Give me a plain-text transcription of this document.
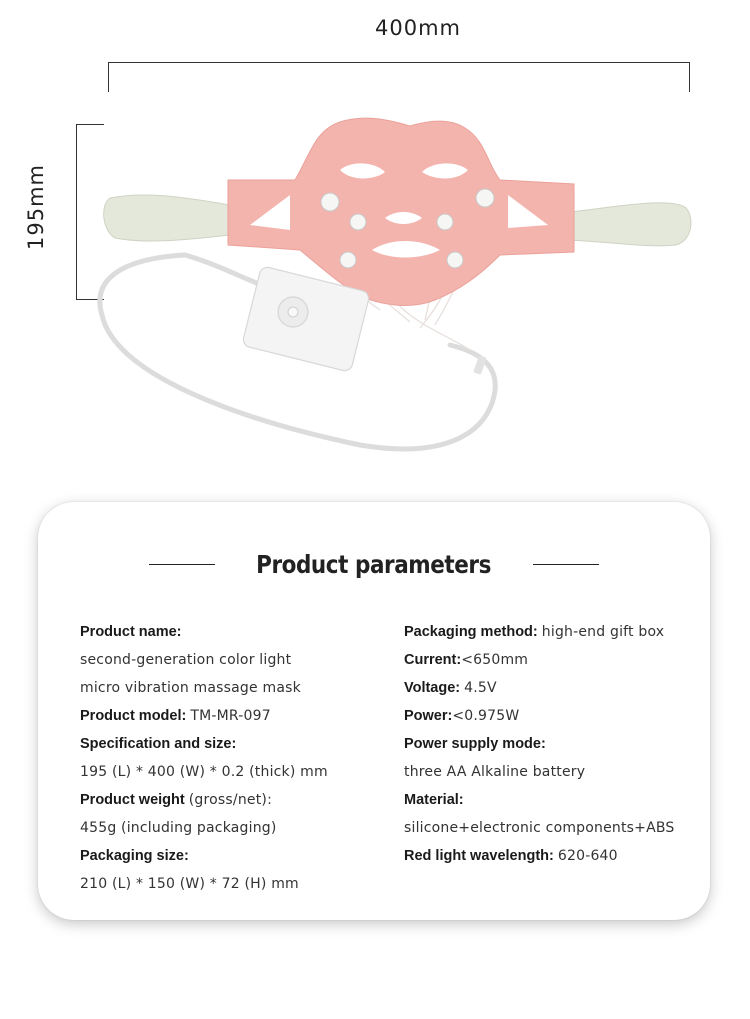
400mm
195mm
Product parameters
Product name:
second-generation color light
micro vibration massage mask
Product model: TM-MR-097
Specification and size:
195 (L) * 400 (W) * 0.2 (thick) mm
Product weight (gross/net):
455g (including packaging)
Packaging size:
210 (L) * 150 (W) * 72 (H) mm
Packaging method: high-end gift box
Current:<650mm
Voltage: 4.5V
Power:<0.975W
Power supply mode:
three AA Alkaline battery
Material:
silicone+electronic components+ABS
Red light wavelength: 620-640
